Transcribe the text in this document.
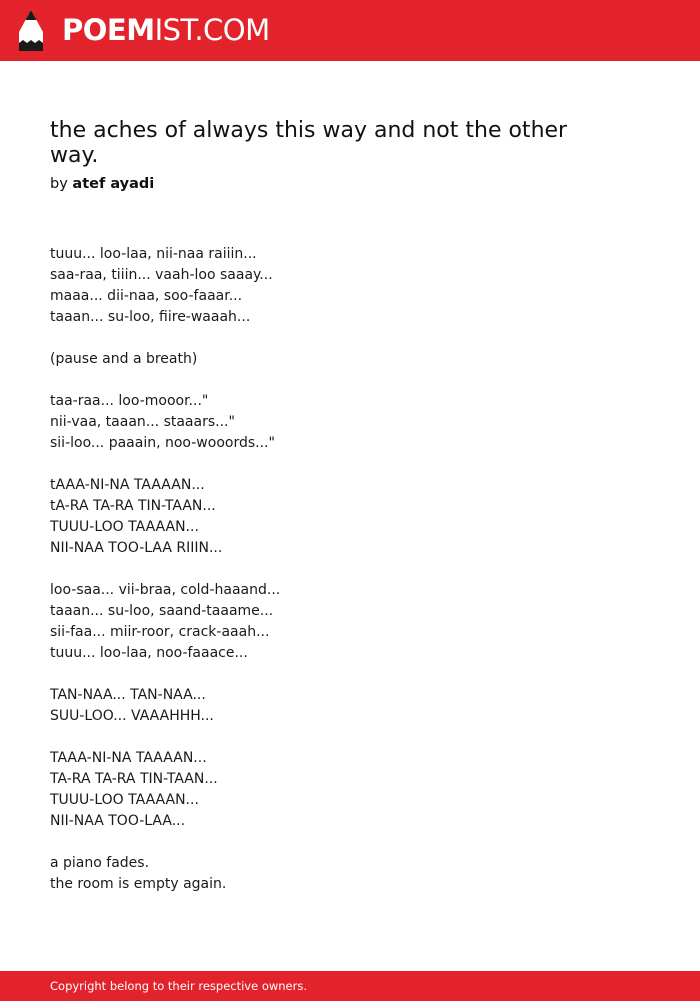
POEMIST.COM
the aches of always this way and not the other way.
by atef ayadi
tuuu... loo-laa, nii-naa raiiin...
saa-raa, tiiin... vaah-loo saaay...
maaa... dii-naa, soo-faaar...
taaan... su-loo, fiire-waaah...
(pause and a breath)
taa-raa... loo-mooor..."
nii-vaa, taaan... staaars..."
sii-loo... paaain, noo-wooords..."
tAAA-NI-NA TAAAAN...
tA-RA TA-RA TIN-TAAN...
TUUU-LOO TAAAAN...
NII-NAA TOO-LAA RIIIN...
loo-saa... vii-braa, cold-haaand...
taaan... su-loo, saand-taaame...
sii-faa... miir-roor, crack-aaah...
tuuu... loo-laa, noo-faaace...
TAN-NAA... TAN-NAA...
SUU-LOO... VAAAHHH...
TAAA-NI-NA TAAAAN...
TA-RA TA-RA TIN-TAAN...
TUUU-LOO TAAAAN...
NII-NAA TOO-LAA...
a piano fades.
the room is empty again.
Copyright belong to their respective owners.
